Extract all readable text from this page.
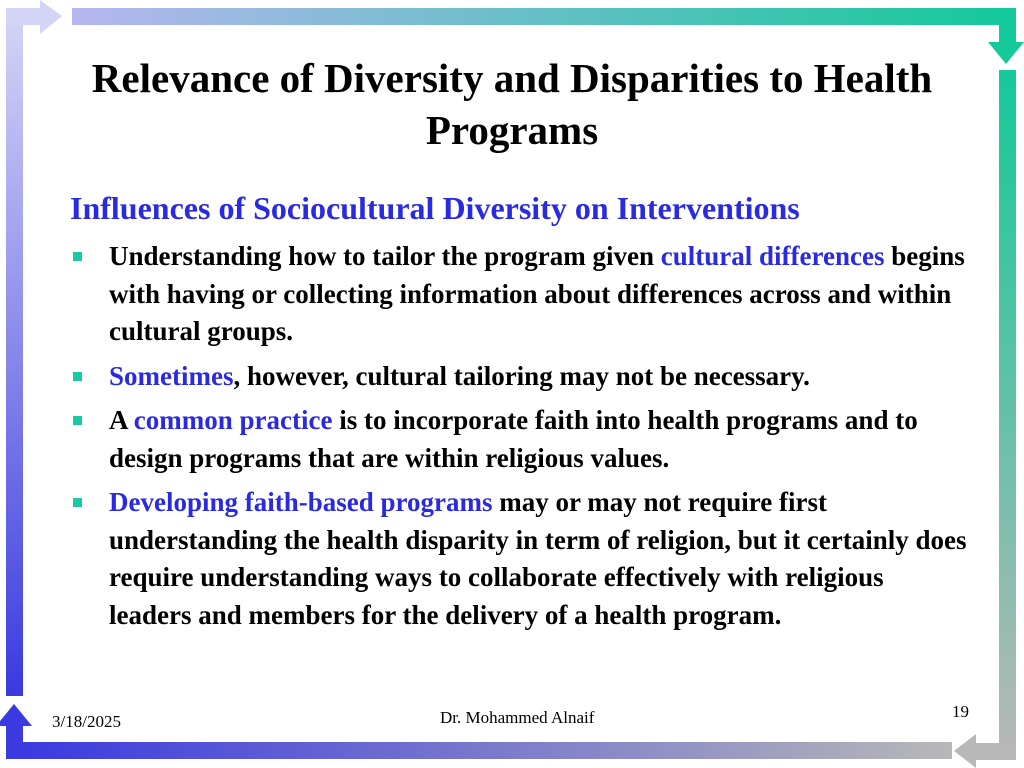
Relevance of Diversity and Disparities to Health Programs
Influences of Sociocultural Diversity on Interventions
Understanding how to tailor the program given cultural differences begins with having or collecting information about differences across and within cultural groups.
Sometimes, however, cultural tailoring may not be necessary.
A common practice is to incorporate faith into health programs and to design programs that are within religious values.
Developing faith-based programs may or may not require first understanding the health disparity in term of religion, but it certainly does require understanding ways to collaborate effectively with religious leaders and members for the delivery of a health program.
3/18/2025	Dr. Mohammed Alnaif	19
